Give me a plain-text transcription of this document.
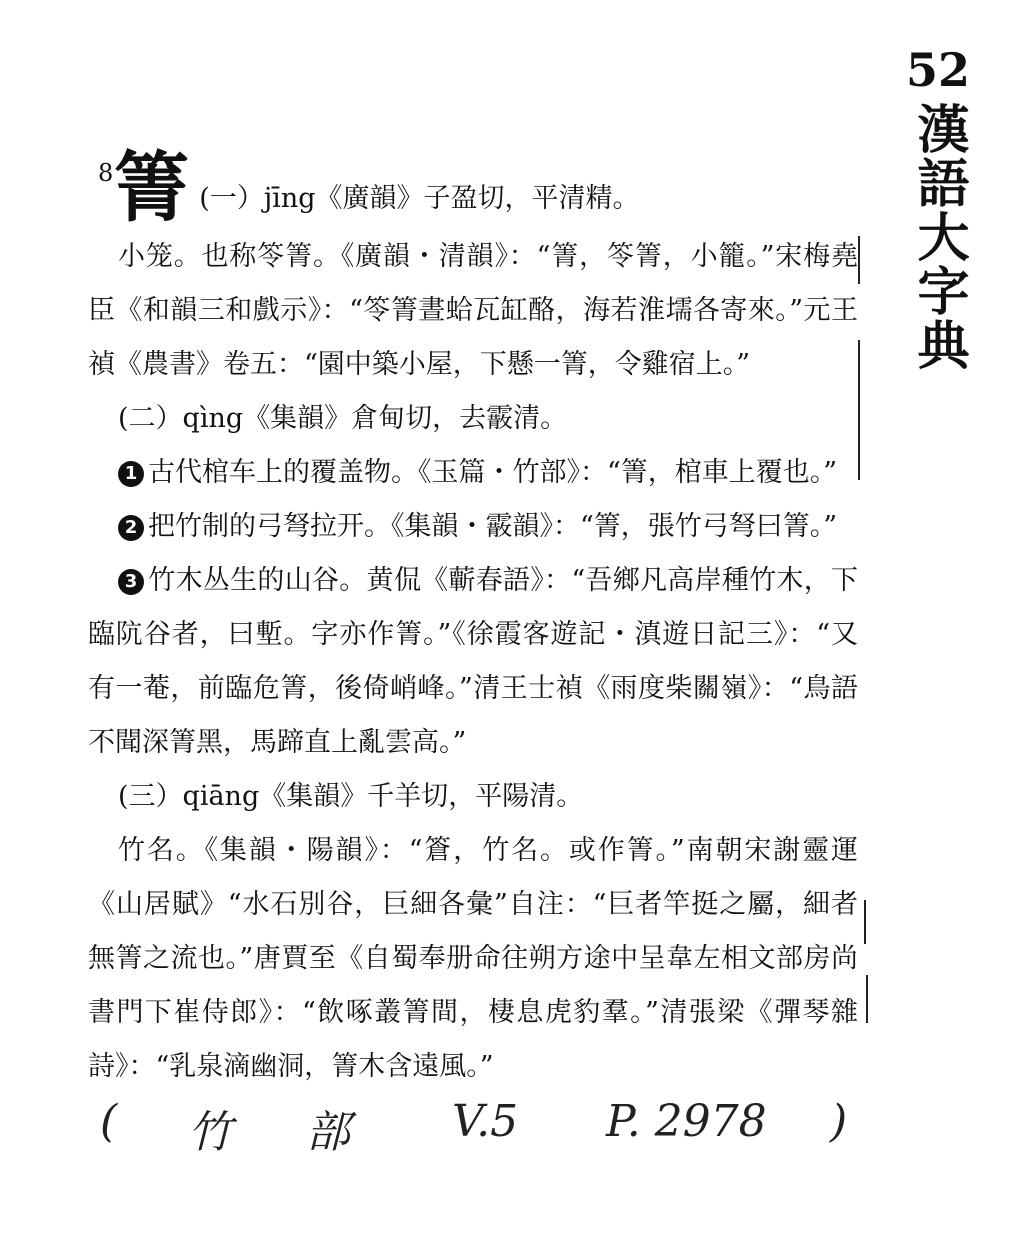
52
漢語大字典
8 箐 (一）jīng《廣韻》子盈切，平清精。
小笼。也称笭箐。《廣韻・清韻》：“箐，笭箐，小籠。”宋梅堯臣《和韻三和戲示》：“笭箐晝蛤瓦缸酪，海若淮壖各寄來。”元王禎《農書》卷五：“園中築小屋，下懸一箐，令雞宿上。”
(二）qìng《集韻》倉甸切，去霰清。
1 古代棺车上的覆盖物。《玉篇・竹部》：“箐，棺車上覆也。”
2 把竹制的弓弩拉开。《集韻・霰韻》：“箐，張竹弓弩曰箐。”
3 竹木丛生的山谷。黄侃《蘄春語》：“吾鄉凡高岸種竹木，下臨阬谷者，曰塹。字亦作箐。”《徐霞客遊記・滇遊日記三》：“又有一菴，前臨危箐，後倚峭峰。”清王士禎《雨度柴關嶺》：“鳥語不聞深箐黑，馬蹄直上亂雲高。”
(三）qiāng《集韻》千羊切，平陽清。
竹名。《集韻・陽韻》：“篬，竹名。或作箐。”南朝宋謝靈運《山居賦》“水石別谷，巨細各彙”自注：“巨者竿挺之屬，細者無箐之流也。”唐賈至《自蜀奉册命往朔方途中呈韋左相文部房尚書門下崔侍郎》：“飲啄叢箐間，棲息虎豹羣。”清張梁《彈琴雜詩》：“乳泉滴幽洞，箐木含遠風。”
( 竹 部 V.5 P. 2978 )
